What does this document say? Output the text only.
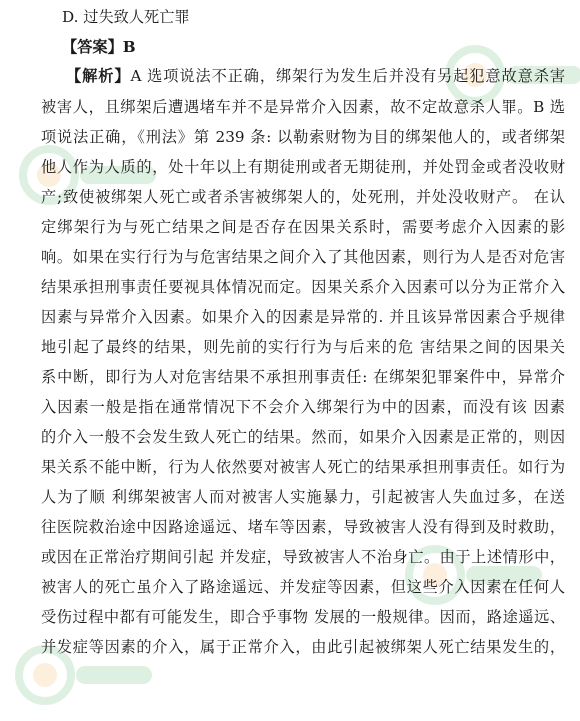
D. 过失致人死亡罪
【答案】B
【解析】A 选项说法不正确，绑架行为发生后并没有另起犯意故意杀害
被害人，且绑架后遭遇堵车并不是异常介入因素，故不定故意杀人罪。B 选
项说法正确，《刑法》第 239 条: 以勒索财物为目的绑架他人的，或者绑架
他人作为人质的，处十年以上有期徒刑或者无期徒刑，并处罚金或者没收财
产;致使被绑架人死亡或者杀害被绑架人的，处死刑，并处没收财产。 在认
定绑架行为与死亡结果之间是否存在因果关系时，需要考虑介入因素的影
响。如果在实行行为与危害结果之间介入了其他因素，则行为人是否对危害
结果承担刑事责任要视具体情况而定。因果关系介入因素可以分为正常介入
因素与异常介入因素。如果介入的因素是异常的. 并且该异常因素合乎规律
地引起了最终的结果，则先前的实行行为与后来的危 害结果之间的因果关
系中断，即行为人对危害结果不承担刑事责任: 在绑架犯罪案件中，异常介
入因素一般是指在通常情况下不会介入绑架行为中的因素，而没有该 因素
的介入一般不会发生致人死亡的结果。然而，如果介入因素是正常的，则因
果关系不能中断，行为人依然要对被害人死亡的结果承担刑事责任。如行为
人为了顺 利绑架被害人而对被害人实施暴力，引起被害人失血过多，在送
往医院救治途中因路途遥远、堵车等因素，导致被害人没有得到及时救助，
或因在正常治疗期间引起 并发症，导致被害人不治身亡。由于上述情形中，
被害人的死亡虽介入了路途遥远、并发症等因素，但这些介入因素在任何人
受伤过程中都有可能发生，即合乎事物 发展的一般规律。因而，路途遥远、
并发症等因素的介入，属于正常介入，由此引起被绑架人死亡结果发生的，
